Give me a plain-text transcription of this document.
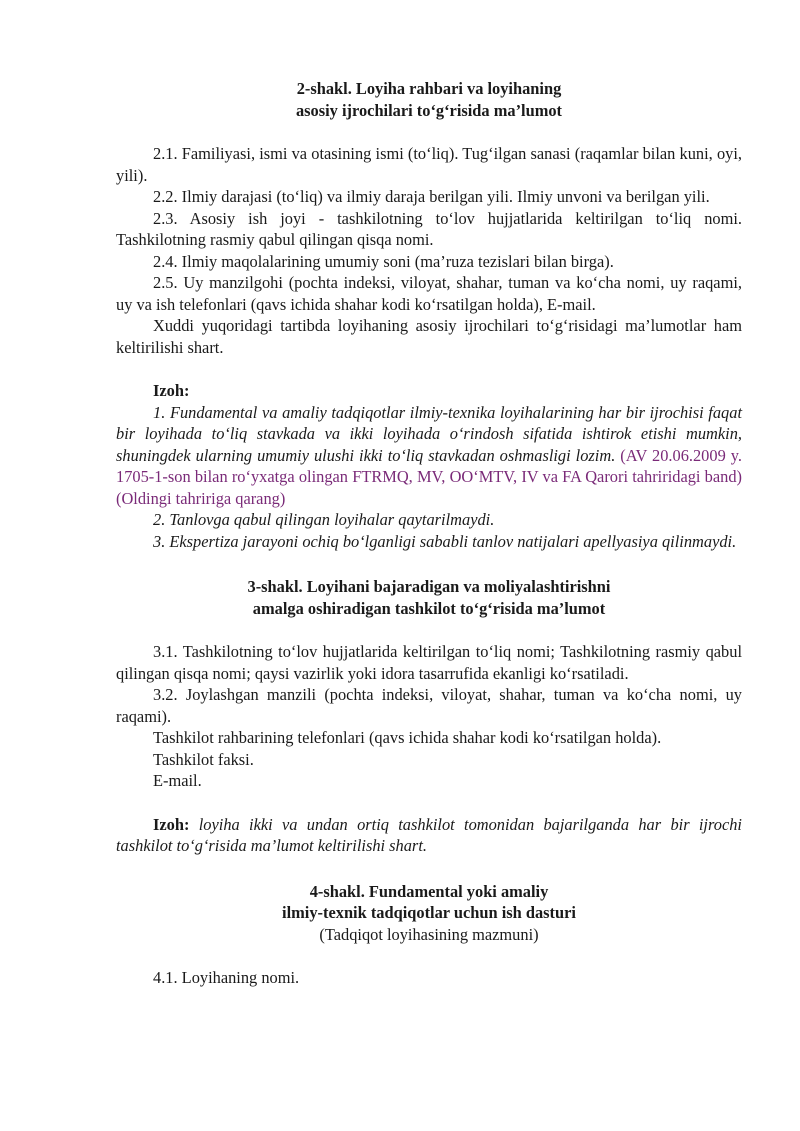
2-shakl. Loyiha rahbari va loyihaning
asosiy ijrochilari to‘g‘risida ma’lumot

2.1. Familiyasi, ismi va otasining ismi (to‘liq). Tug‘ilgan sanasi (raqamlar bilan kuni, oyi, yili).

2.2. Ilmiy darajasi (to‘liq) va ilmiy daraja berilgan yili. Ilmiy unvoni va berilgan yili.

2.3. Asosiy ish joyi - tashkilotning to‘lov hujjatlarida keltirilgan to‘liq nomi. Tashkilotning rasmiy qabul qilingan qisqa nomi.

2.4. Ilmiy maqolalarining umumiy soni (ma’ruza tezislari bilan birga).

2.5. Uy manzilgohi (pochta indeksi, viloyat, shahar, tuman va ko‘cha nomi, uy raqami, uy va ish telefonlari (qavs ichida shahar kodi ko‘rsatilgan holda), E-mail.

Xuddi yuqoridagi tartibda loyihaning asosiy ijrochilari to‘g‘risidagi ma’lumotlar ham keltirilishi shart.

Izoh:

1. Fundamental va amaliy tadqiqotlar ilmiy-texnika loyihalarining har bir ijrochisi faqat bir loyihada to‘liq stavkada va ikki loyihada o‘rindosh sifatida ishtirok etishi mumkin, shuningdek ularning umumiy ulushi ikki to‘liq stavkadan oshmasligi lozim. (AV 20.06.2009 y. 1705-1-son bilan ro‘yxatga olingan FTRMQ, MV, OO‘MTV, IV va FA Qarori tahriridagi band) (Oldingi tahririga qarang)

2. Tanlovga qabul qilingan loyihalar qaytarilmaydi.

3. Ekspertiza jarayoni ochiq bo‘lganligi sababli tanlov natijalari apellyasiya qilinmaydi.

3-shakl. Loyihani bajaradigan va moliyalashtirishni
amalga oshiradigan tashkilot to‘g‘risida ma’lumot

3.1. Tashkilotning to‘lov hujjatlarida keltirilgan to‘liq nomi; Tashkilotning rasmiy qabul qilingan qisqa nomi; qaysi vazirlik yoki idora tasarrufida ekanligi ko‘rsatiladi.

3.2. Joylashgan manzili (pochta indeksi, viloyat, shahar, tuman va ko‘cha nomi, uy raqami).

Tashkilot rahbarining telefonlari (qavs ichida shahar kodi ko‘rsatilgan holda).

Tashkilot faksi.

E-mail.

Izoh: loyiha ikki va undan ortiq tashkilot tomonidan bajarilganda har bir ijrochi tashkilot to‘g‘risida ma’lumot keltirilishi shart.

4-shakl. Fundamental yoki amaliy
ilmiy-texnik tadqiqotlar uchun ish dasturi
(Tadqiqot loyihasining mazmuni)

4.1. Loyihaning nomi.
